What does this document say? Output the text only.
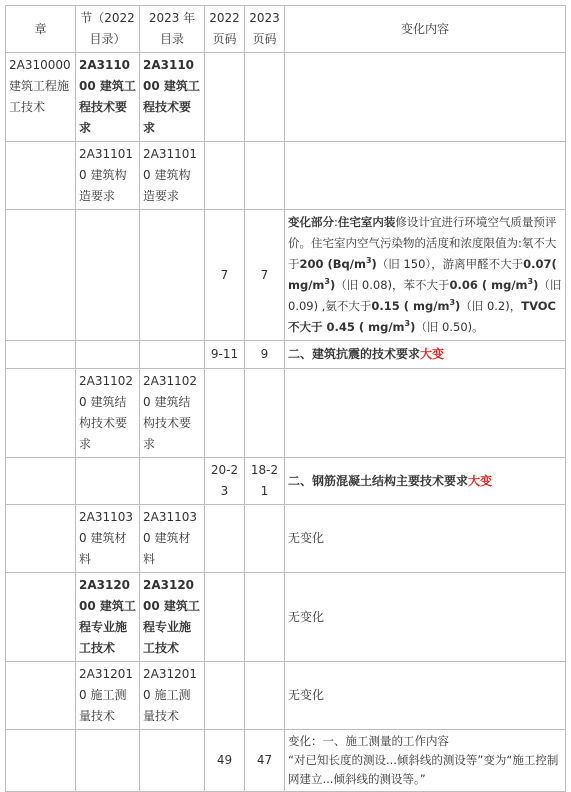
章	节（2022目录）	2023 年目录	2022 页码	2023 页码	变化内容
2A310000 建筑工程施工技术	2A311000 建筑工程技术要求	2A311000 建筑工程技术要求			
	2A311010 建筑构造要求	2A311010 建筑构造要求			
			7	7	变化部分:住宅室内装修设计宜进行环境空气质量预评价。住宅室内空气污染物的活度和浓度限值为:氡不大于200 $(Bq/m^3)$（旧 150），游离甲醛不大于0.07( $mg/m^3$)（旧 0.08)，苯不大于0.06 ( $mg/m^3$)（旧 0.09) ,氨不大于0.15 ( $mg/m^3$)（旧 0.2)，TVOC 不大于 0.45 ( $mg/m^3$)（旧 0.50)。
			9-11	9	二、建筑抗震的技术要求大变
	2A311020 建筑结构技术要求	2A311020 建筑结构技术要求			
			20-23	18-21	二、钢筋混凝土结构主要技术要求大变
	2A311030 建筑材料	2A311030 建筑材料			无变化
	2A312000 建筑工程专业施工技术	2A312000 建筑工程专业施工技术			无变化
	2A312010 施工测量技术	2A312010 施工测量技术			无变化
			49	47	变化：一、施工测量的工作内容
“对已知长度的测设...倾斜线的测设等”变为“施工控制网建立...倾斜线的测设等。”
